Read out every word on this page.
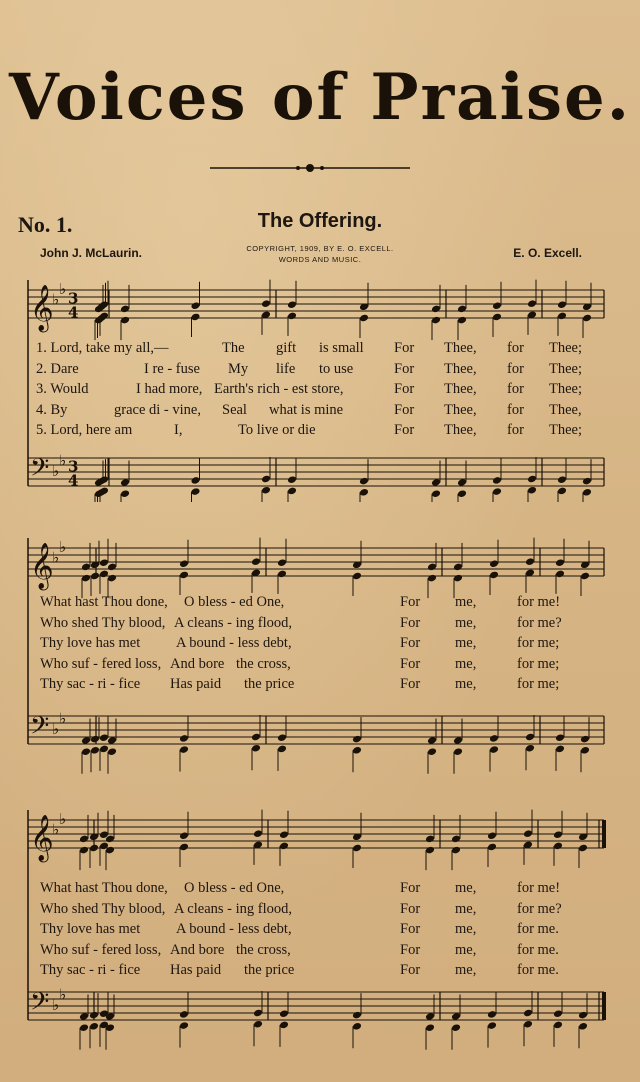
Voices of Praise.
No. 1.	The Offering.
John J. McLaurin.	COPYRIGHT, 1909, BY E. O. EXCELL.
WORDS AND MUSIC.	E. O. Excell.
𝄞
♭
♭
3
4
𝄢 ♭
♭ 3
4
1. Lord, take my all,—	The gift is small For Thee, for Thee;
2. Dare	I re - fuse My life to use	For Thee, for Thee;
3. Would	I had more, Earth's rich - est store,	For Thee, for Thee;
4. By	grace di - vine, Seal what is mine	For Thee, for Thee,
5. Lord, here am	I,	To live or die	For Thee, for Thee;
𝄞
♭
♭
𝄢 ♭
♭
What hast Thou done, O bless - ed One,	For me,	for me!
Who shed Thy blood, A cleans - ing flood,	For me,	for me?
Thy love has met A bound - less debt,	For me,	for me;
Who suf - fered loss, And bore the cross,	For me,	for me;
Thy sac - ri - fice Has paid the price	For me,	for me;
𝄞
♭
♭
𝄢 ♭
♭
What hast Thou done, O bless - ed One,	For me,	for me!
Who shed Thy blood, A cleans - ing flood,	For me,	for me?
Thy love has met A bound - less debt,	For me,	for me.
Who suf - fered loss, And bore the cross,	For me,	for me.
Thy sac - ri - fice Has paid the price	For me,	for me.
